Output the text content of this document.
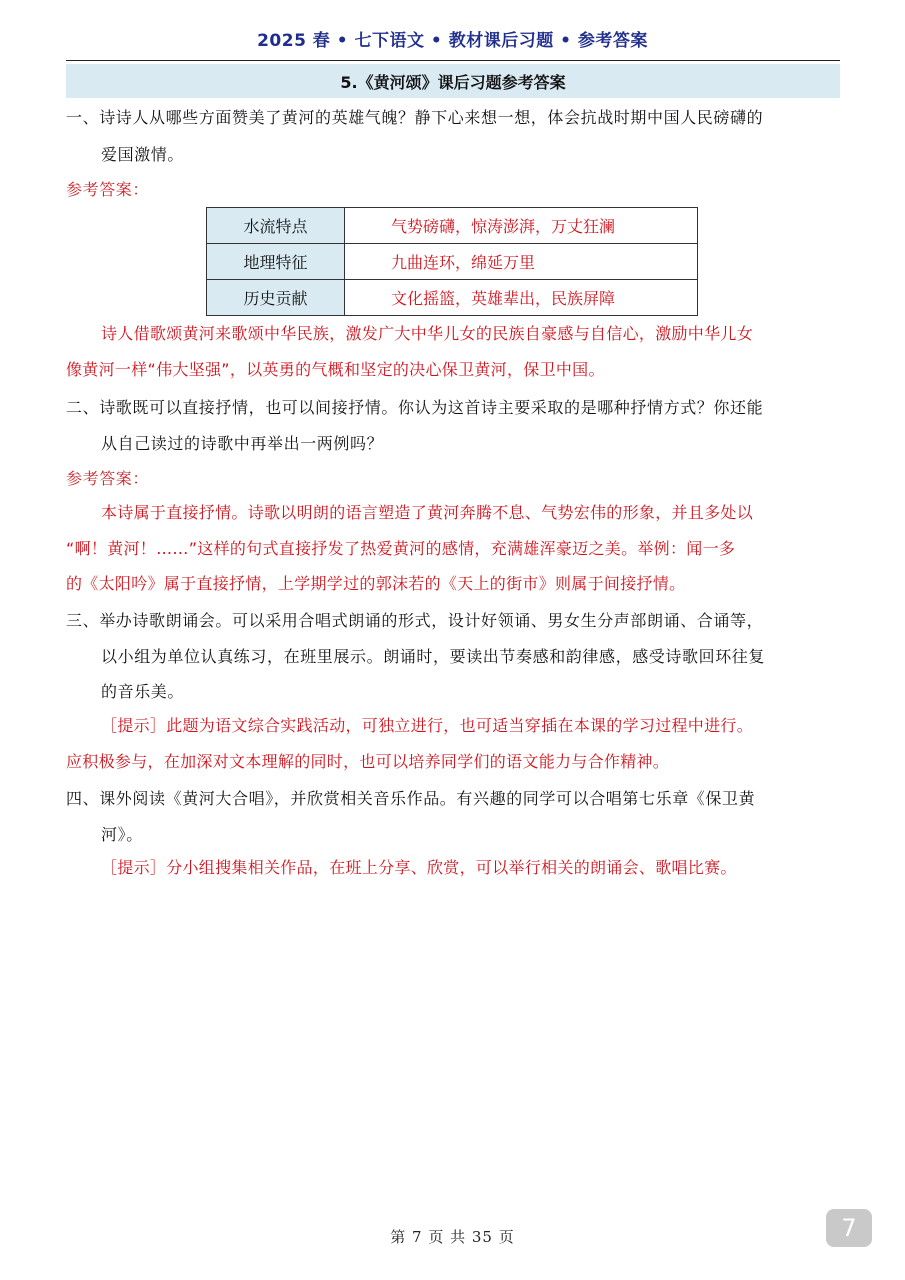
2025 春 • 七下语文 • 教材课后习题 • 参考答案
5.《黄河颂》课后习题参考答案
一、诗诗人从哪些方面赞美了黄河的英雄气魄？静下心来想一想，体会抗战时期中国人民磅礴的
爱国激情。
参考答案：
水流特点	气势磅礴，惊涛澎湃，万丈狂澜
地理特征	九曲连环，绵延万里
历史贡献	文化摇篮，英雄辈出，民族屏障
诗人借歌颂黄河来歌颂中华民族，激发广大中华儿女的民族自豪感与自信心，激励中华儿女
像黄河一样“伟大坚强”，以英勇的气概和坚定的决心保卫黄河，保卫中国。
二、诗歌既可以直接抒情，也可以间接抒情。你认为这首诗主要采取的是哪种抒情方式？你还能
从自己读过的诗歌中再举出一两例吗？
参考答案：
本诗属于直接抒情。诗歌以明朗的语言塑造了黄河奔腾不息、气势宏伟的形象，并且多处以
“啊！黄河！……”这样的句式直接抒发了热爱黄河的感情，充满雄浑豪迈之美。举例：闻一多
的《太阳吟》属于直接抒情，上学期学过的郭沫若的《天上的街市》则属于间接抒情。
三、举办诗歌朗诵会。可以采用合唱式朗诵的形式，设计好领诵、男女生分声部朗诵、合诵等，
以小组为单位认真练习，在班里展示。朗诵时，要读出节奏感和韵律感，感受诗歌回环往复
的音乐美。
［提示］此题为语文综合实践活动，可独立进行，也可适当穿插在本课的学习过程中进行。
应积极参与，在加深对文本理解的同时，也可以培养同学们的语文能力与合作精神。
四、课外阅读《黄河大合唱》，并欣赏相关音乐作品。有兴趣的同学可以合唱第七乐章《保卫黄
河》。
［提示］分小组搜集相关作品，在班上分享、欣赏，可以举行相关的朗诵会、歌唱比赛。
第 7 页 共 35 页	7
